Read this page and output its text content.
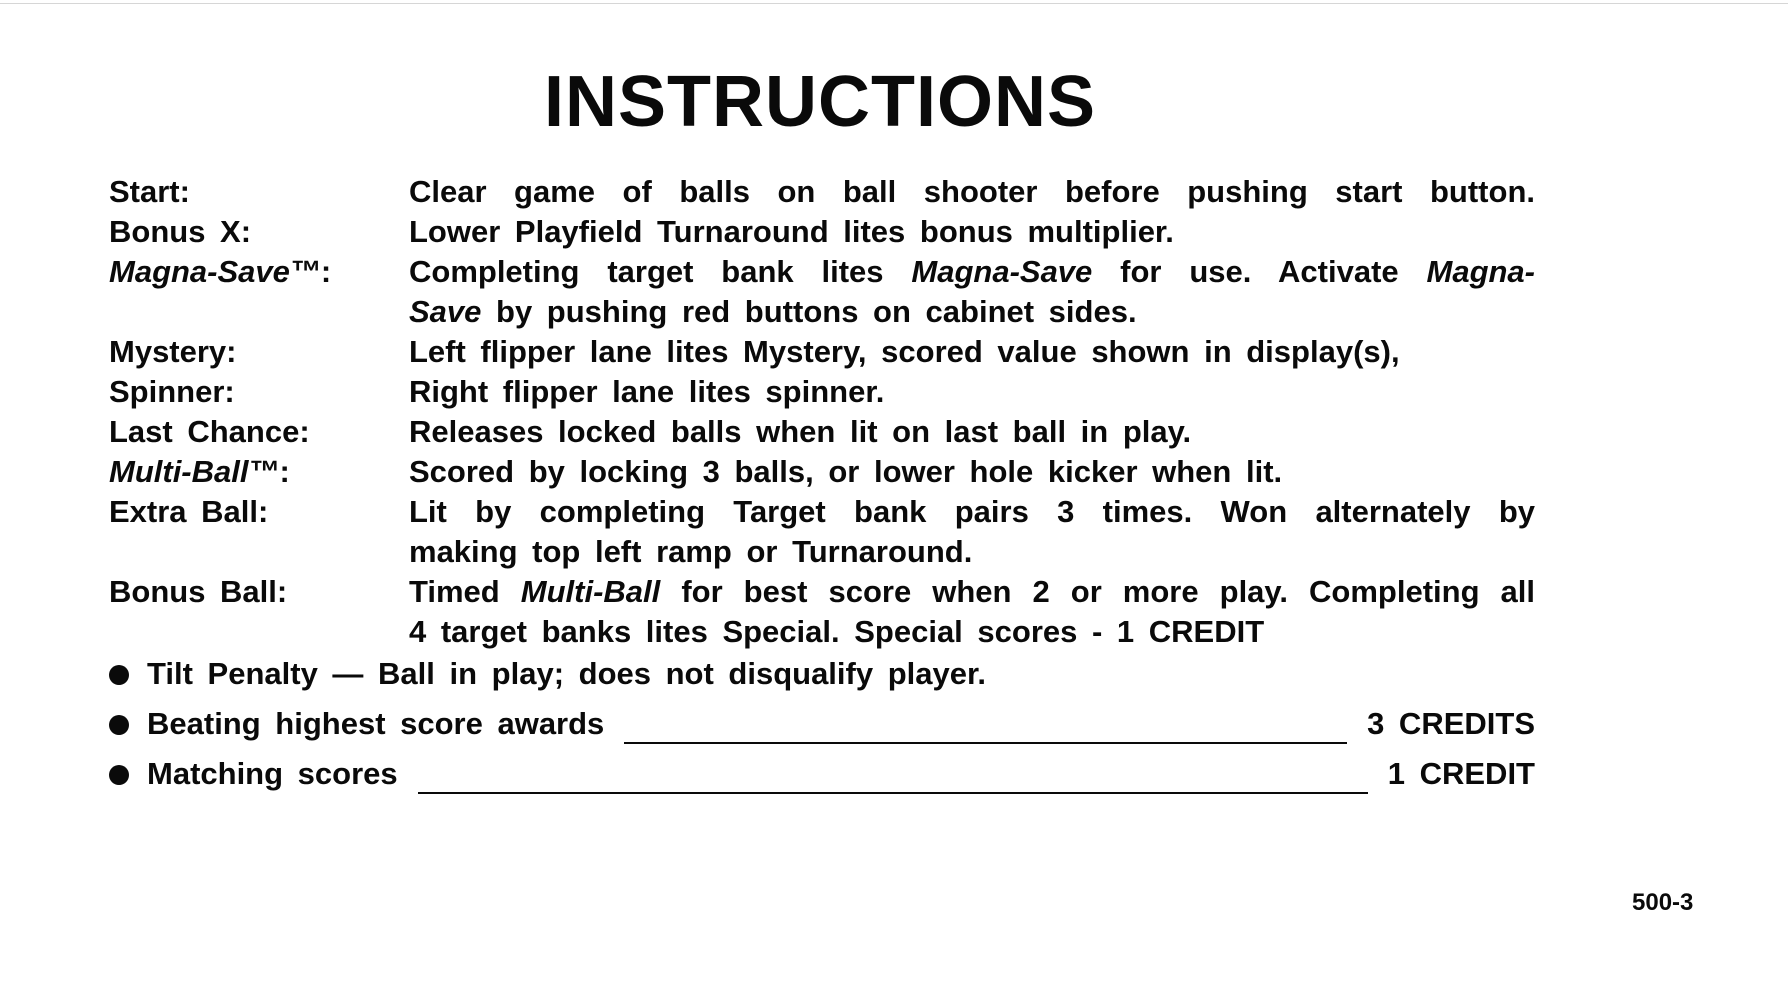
INSTRUCTIONS
Start:	Clear game of balls on ball shooter before pushing start button.
Bonus X:	Lower Playfield Turnaround lites bonus multiplier.
Magna-Save™:	Completing target bank lites Magna-Save for use. Activate Magna-
Save by pushing red buttons on cabinet sides.
Mystery:	Left flipper lane lites Mystery, scored value shown in display(s),
Spinner:	Right flipper lane lites spinner.
Last Chance:	Releases locked balls when lit on last ball in play.
Multi-Ball™:	Scored by locking 3 balls, or lower hole kicker when lit.
Extra Ball:	Lit by completing Target bank pairs 3 times. Won alternately by
making top left ramp or Turnaround.
Bonus Ball:	Timed Multi-Ball for best score when 2 or more play. Completing all
4 target banks lites Special. Special scores - 1 CREDIT
Tilt Penalty — Ball in play; does not disqualify player.
Beating highest score awards	3 CREDITS
Matching scores	1 CREDIT
500-3
